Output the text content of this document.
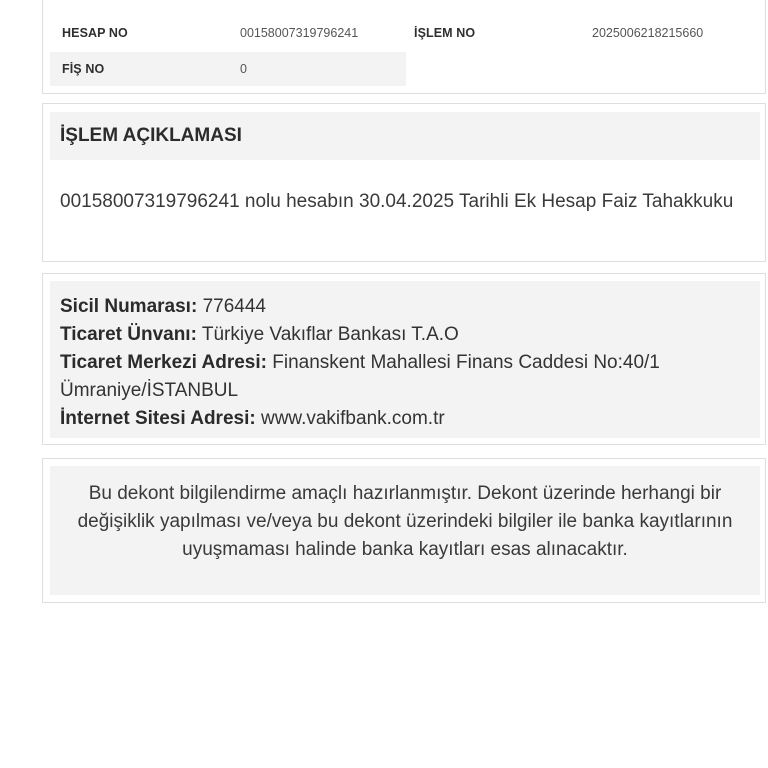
HESAP NO	00158007319796241	İŞLEM NO	2025006218215660
FİŞ NO	0
İŞLEM AÇIKLAMASI
00158007319796241 nolu hesabın 30.04.2025 Tarihli Ek Hesap Faiz Tahakkuku
Sicil Numarası: 776444
Ticaret Ünvanı: Türkiye Vakıflar Bankası T.A.O
Ticaret Merkezi Adresi: Finanskent Mahallesi Finans Caddesi No:40/1 Ümraniye/İSTANBUL
İnternet Sitesi Adresi: www.vakifbank.com.tr
Bu dekont bilgilendirme amaçlı hazırlanmıştır. Dekont üzerinde herhangi bir değişiklik yapılması ve/veya bu dekont üzerindeki bilgiler ile banka kayıtlarının uyuşmaması halinde banka kayıtları esas alınacaktır.
